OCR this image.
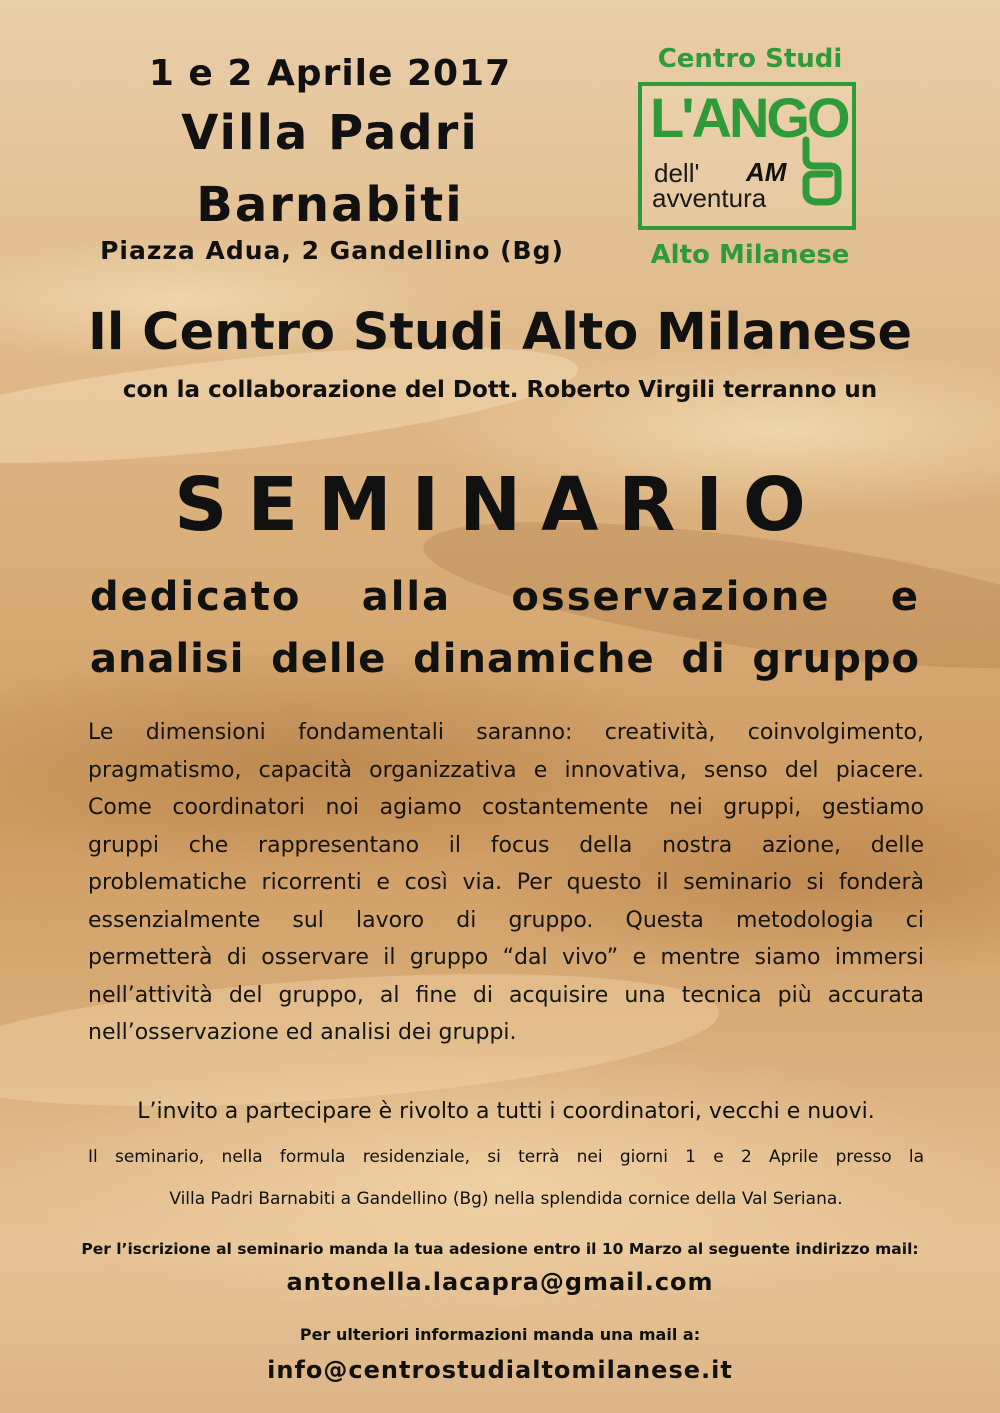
1 e 2 Aprile 2017
Villa Padri
Barnabiti

Piazza Adua, 2 Gandellino (Bg)

Centro Studi
L'ANGO
dell' AM
avventura
Alto Milanese
Il Centro Studi Alto Milanese

con la collaborazione del Dott. Roberto Virgili terranno un

SEMINARIO
dedicato alla osservazione e
analisi delle dinamiche di gruppo
Le dimensioni fondamentali saranno: creatività, coinvolgimento,
pragmatismo, capacità organizzativa e innovativa, senso del piacere.
Come coordinatori noi agiamo costantemente nei gruppi, gestiamo
gruppi che rappresentano il focus della nostra azione, delle
problematiche ricorrenti e così via. Per questo il seminario si fonderà
essenzialmente sul lavoro di gruppo. Questa metodologia ci
permetterà di osservare il gruppo “dal vivo” e mentre siamo immersi
nell’attività del gruppo, al fine di acquisire una tecnica più accurata
nell’osservazione ed analisi dei gruppi.

L’invito a partecipare è rivolto a tutti i coordinatori, vecchi e nuovi.

Il seminario, nella formula residenziale, si terrà nei giorni 1 e 2 Aprile presso la
Villa Padri Barnabiti a Gandellino (Bg) nella splendida cornice della Val Seriana.

Per l’iscrizione al seminario manda la tua adesione entro il 10 Marzo al seguente indirizzo mail:

antonella.lacapra@gmail.com

Per ulteriori informazioni manda una mail a:

info@centrostudialtomilanese.it
